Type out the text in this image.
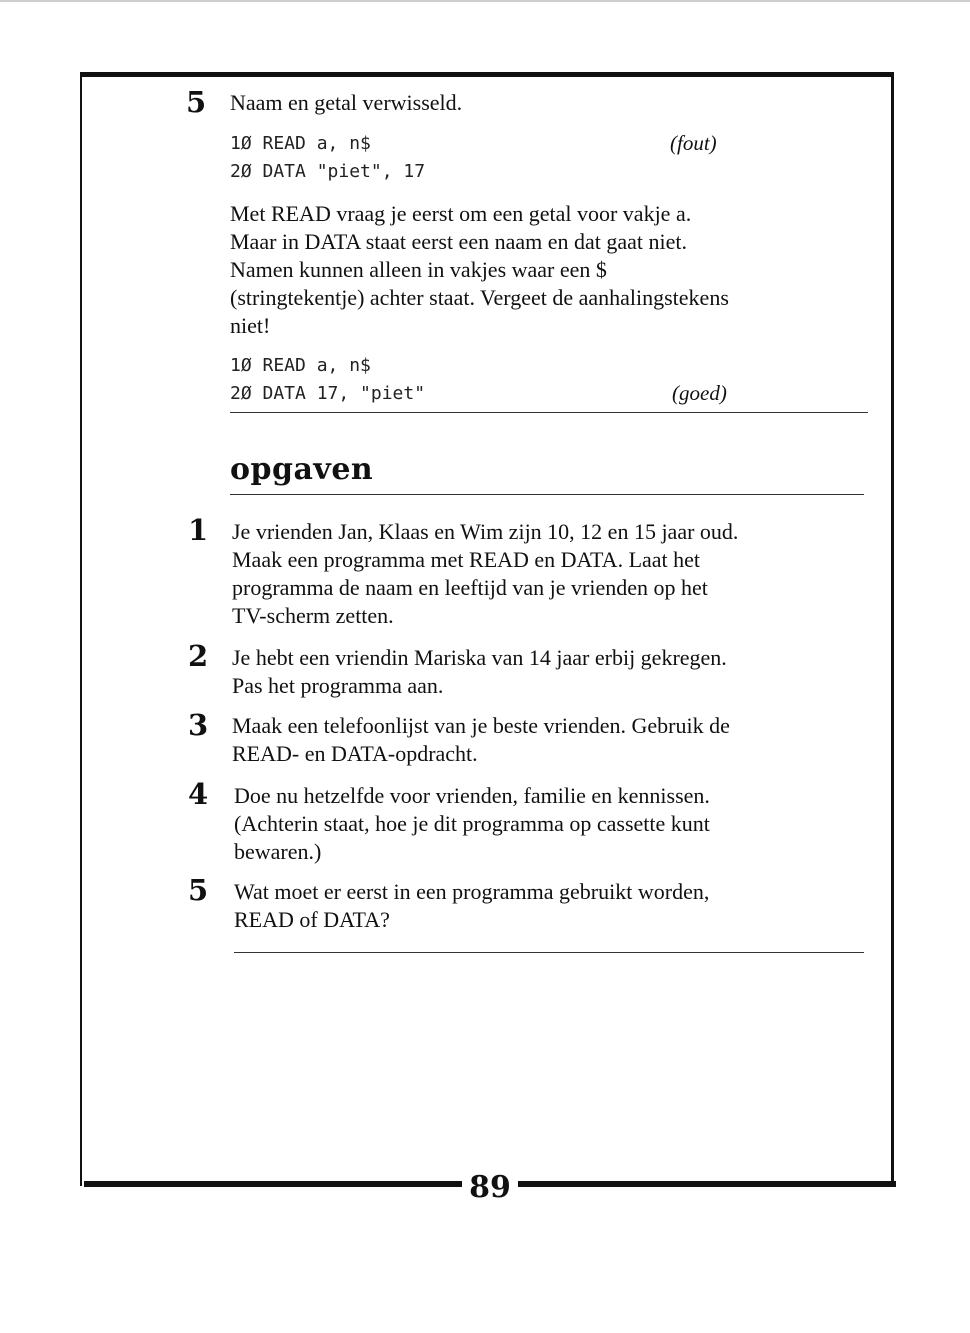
5 Naam en getal verwisseld.

1Ø READ a, n$
2Ø DATA "piet", 17
(fout)

Met READ vraag je eerst om een getal voor vakje a.

Maar in DATA staat eerst een naam en dat gaat niet.

Namen kunnen alleen in vakjes waar een $

(stringtekentje) achter staat. Vergeet de aanhalingstekens

niet!

1Ø READ a, n$
2Ø DATA 17, "piet"	(goed)
opgaven
1 Je vrienden Jan, Klaas en Wim zijn 10, 12 en 15 jaar oud.

Maak een programma met READ en DATA. Laat het

programma de naam en leeftijd van je vrienden op het

TV-scherm zetten.

2 Je hebt een vriendin Mariska van 14 jaar erbij gekregen.

Pas het programma aan.

3 Maak een telefoonlijst van je beste vrienden. Gebruik de

READ- en DATA-opdracht.

4 Doe nu hetzelfde voor vrienden, familie en kennissen.

(Achterin staat, hoe je dit programma op cassette kunt

bewaren.)

5 Wat moet er eerst in een programma gebruikt worden,

READ of DATA?

89
